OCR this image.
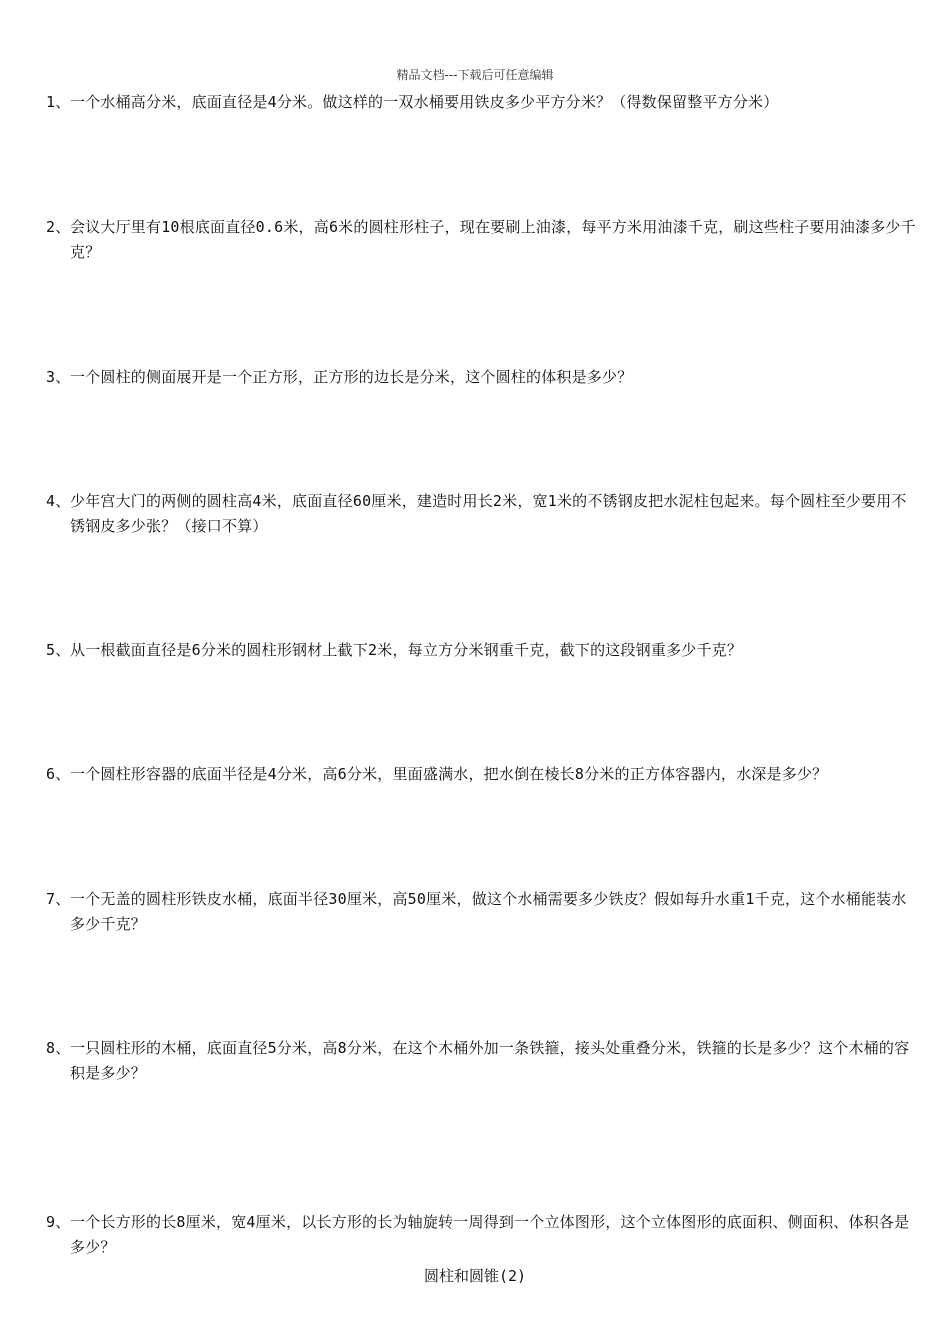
精品文档---下载后可任意编辑
1、 一个水桶高分米，底面直径是4分米。做这样的一双水桶要用铁皮多少平方分米？（得数保留整平方分米）
2、 会议大厅里有10根底面直径0.6米，高6米的圆柱形柱子，现在要刷上油漆，每平方米用油漆千克，刷这些柱子要用油漆多少千克？
3、 一个圆柱的侧面展开是一个正方形，正方形的边长是分米，这个圆柱的体积是多少？
4、 少年宫大门的两侧的圆柱高4米，底面直径60厘米，建造时用长2米，宽1米的不锈钢皮把水泥柱包起来。每个圆柱至少要用不锈钢皮多少张？（接口不算）
5、 从一根截面直径是6分米的圆柱形钢材上截下2米，每立方分米钢重千克，截下的这段钢重多少千克？
6、 一个圆柱形容器的底面半径是4分米，高6分米，里面盛满水，把水倒在棱长8分米的正方体容器内，水深是多少？
7、 一个无盖的圆柱形铁皮水桶，底面半径30厘米，高50厘米，做这个水桶需要多少铁皮？假如每升水重1千克，这个水桶能装水多少千克？
8、 一只圆柱形的木桶，底面直径5分米，高8分米，在这个木桶外加一条铁箍，接头处重叠分米，铁箍的长是多少？这个木桶的容积是多少？
9、 一个长方形的长8厘米，宽4厘米，以长方形的长为轴旋转一周得到一个立体图形，这个立体图形的底面积、侧面积、体积各是多少？
圆柱和圆锥(2)
